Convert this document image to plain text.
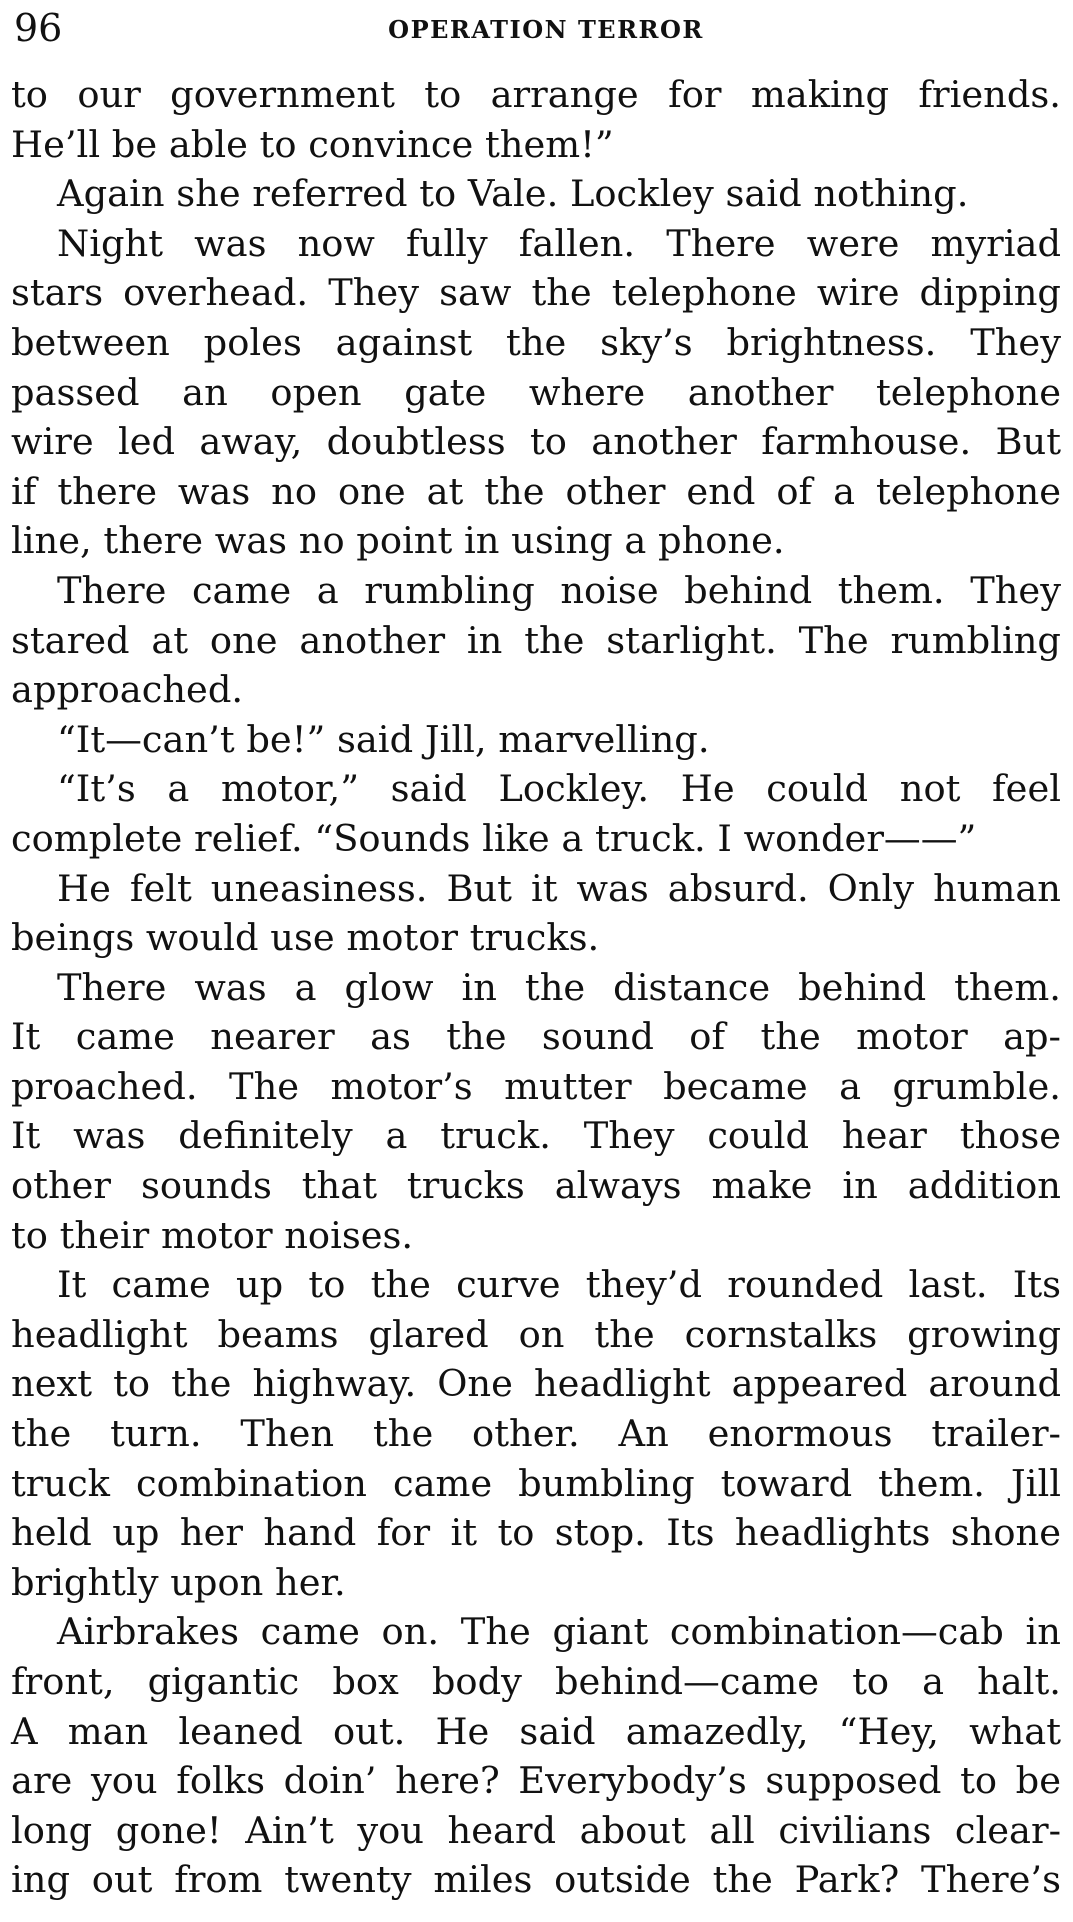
96	OPERATION TERROR

to our government to arrange for making friends.
He’ll be able to convince them!”

Again she referred to Vale. Lockley said nothing.

Night was now fully fallen. There were myriad
stars overhead. They saw the telephone wire dipping
between poles against the sky’s brightness. They
passed an open gate where another telephone
wire led away, doubtless to another farmhouse. But
if there was no one at the other end of a telephone
line, there was no point in using a phone.

There came a rumbling noise behind them. They
stared at one another in the starlight. The rumbling
approached.

“It—can’t be!” said Jill, marvelling.

“It’s a motor,” said Lockley. He could not feel
complete relief. “Sounds like a truck. I wonder——”

He felt uneasiness. But it was absurd. Only human
beings would use motor trucks.

There was a glow in the distance behind them.
It came nearer as the sound of the motor ap-
proached. The motor’s mutter became a grumble.
It was definitely a truck. They could hear those
other sounds that trucks always make in addition
to their motor noises.

It came up to the curve they’d rounded last. Its
headlight beams glared on the cornstalks growing
next to the highway. One headlight appeared around
the turn. Then the other. An enormous trailer-
truck combination came bumbling toward them. Jill
held up her hand for it to stop. Its headlights shone
brightly upon her.

Airbrakes came on. The giant combination—cab in
front, gigantic box body behind—came to a halt.
A man leaned out. He said amazedly, “Hey, what
are you folks doin’ here? Everybody’s supposed to be
long gone! Ain’t you heard about all civilians clear-
ing out from twenty miles outside the Park? There’s
